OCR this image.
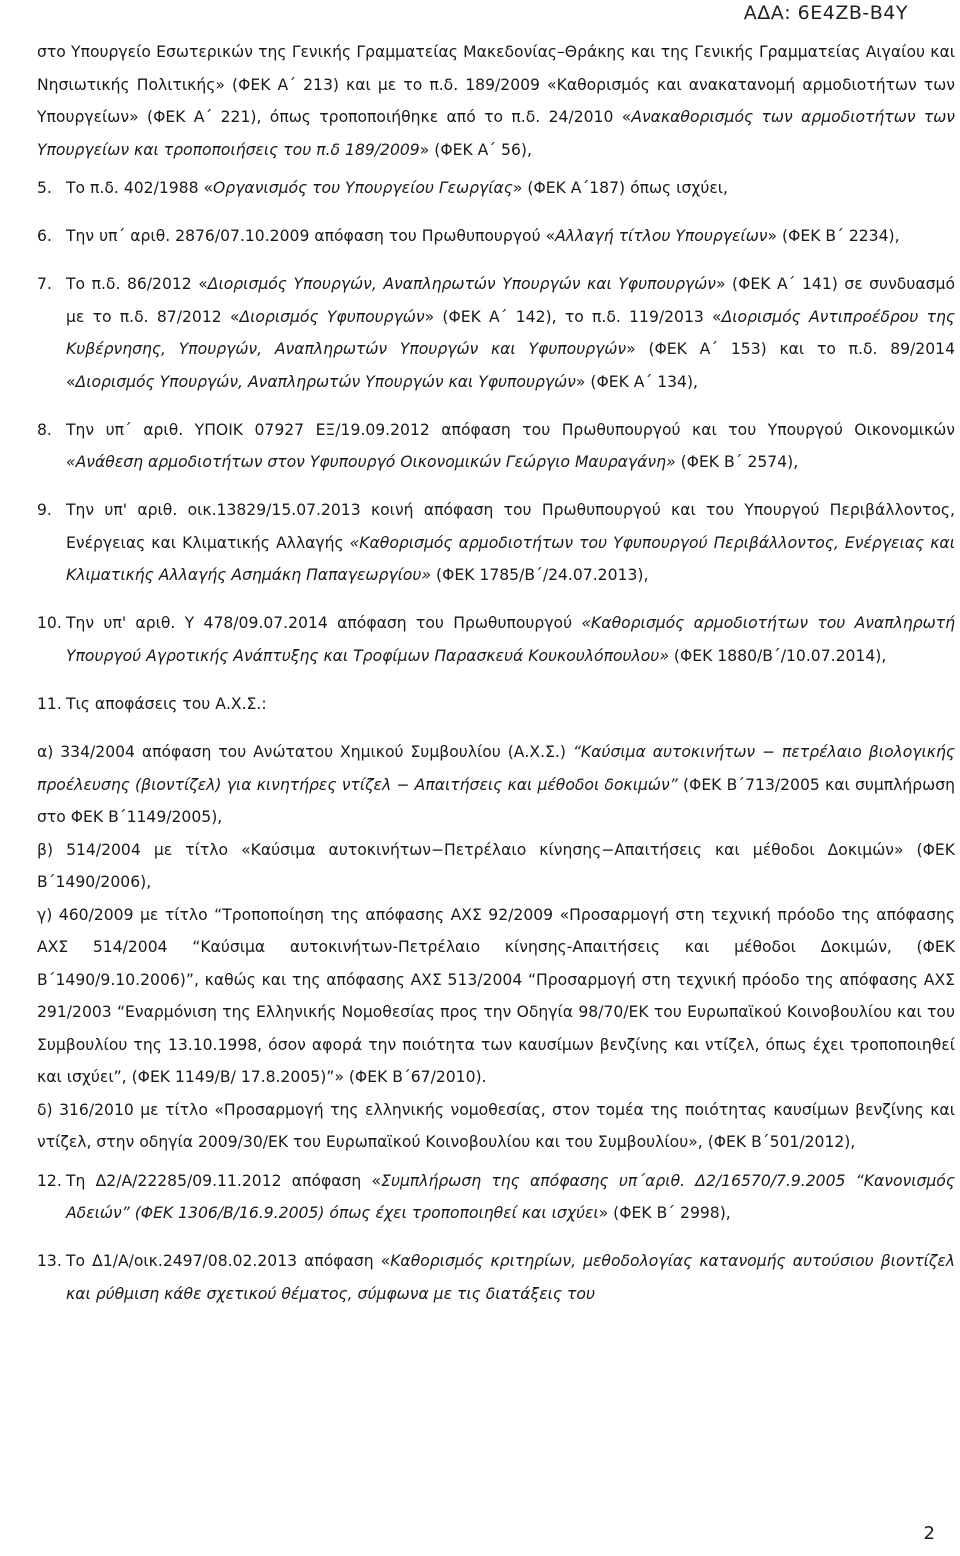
ΑΔΑ: 6Ε4ΖΒ-Β4Υ

στο Υπουργείο Εσωτερικών της Γενικής Γραμματείας Μακεδονίας–Θράκης και της Γενικής Γραμματείας Αιγαίου και Νησιωτικής Πολιτικής» (ΦΕΚ Α΄ 213) και με το π.δ. 189/2009 «Καθορισμός και ανακατανομή αρμοδιοτήτων των Υπουργείων» (ΦΕΚ Α΄ 221), όπως τροποποιήθηκε από το π.δ. 24/2010 «Ανακαθορισμός των αρμοδιοτήτων των Υπουργείων και τροποποιήσεις του π.δ 189/2009» (ΦΕΚ Α΄ 56),

5. Το π.δ. 402/1988 «Οργανισμός του Υπουργείου Γεωργίας» (ΦΕΚ Α΄187) όπως ισχύει,

6. Την υπ΄ αριθ. 2876/07.10.2009 απόφαση του Πρωθυπουργού «Αλλαγή τίτλου Υπουργείων» (ΦΕΚ Β΄ 2234),

7. Το π.δ. 86/2012 «Διορισμός Υπουργών, Αναπληρωτών Υπουργών και Υφυπουργών» (ΦΕΚ Α΄ 141) σε συνδυασμό με το π.δ. 87/2012 «Διορισμός Υφυπουργών» (ΦΕΚ Α΄ 142), το π.δ. 119/2013 «Διορισμός Αντιπροέδρου της Κυβέρνησης, Υπουργών, Αναπληρωτών Υπουργών και Υφυπουργών» (ΦΕΚ Α΄ 153) και το π.δ. 89/2014 «Διορισμός Υπουργών, Αναπληρωτών Υπουργών και Υφυπουργών» (ΦΕΚ Α΄ 134),

8. Την υπ΄ αριθ. ΥΠΟΙΚ 07927 ΕΞ/19.09.2012 απόφαση του Πρωθυπουργού και του Υπουργού Οικονομικών «Ανάθεση αρμοδιοτήτων στον Υφυπουργό Οικονομικών Γεώργιο Μαυραγάνη» (ΦΕΚ Β΄ 2574),

9. Την υπ' αριθ. οικ.13829/15.07.2013 κοινή απόφαση του Πρωθυπουργού και του Υπουργού Περιβάλλοντος, Ενέργειας και Κλιματικής Αλλαγής «Καθορισμός αρμοδιοτήτων του Υφυπουργού Περιβάλλοντος, Ενέργειας και Κλιματικής Αλλαγής Ασημάκη Παπαγεωργίου» (ΦΕΚ 1785/Β΄/24.07.2013),

10. Την υπ' αριθ. Υ 478/09.07.2014 απόφαση του Πρωθυπουργού «Καθορισμός αρμοδιοτήτων του Αναπληρωτή Υπουργού Αγροτικής Ανάπτυξης και Τροφίμων Παρασκευά Κουκουλόπουλου» (ΦΕΚ 1880/Β΄/10.07.2014),

11. Τις αποφάσεις του Α.Χ.Σ.:

α) 334/2004 απόφαση του Ανώτατου Χημικού Συμβουλίου (Α.Χ.Σ.) “Καύσιμα αυτοκινήτων − πετρέλαιο βιολογικής προέλευσης (βιοντίζελ) για κινητήρες ντίζελ − Απαιτήσεις και μέθοδοι δοκιμών” (ΦΕΚ Β΄713/2005 και συμπλήρωση στο ΦΕΚ Β΄1149/2005),

β) 514/2004 με τίτλο «Καύσιμα αυτοκινήτων−Πετρέλαιο κίνησης−Απαιτήσεις και μέθοδοι Δοκιμών» (ΦΕΚ Β΄1490/2006),

γ) 460/2009 με τίτλο “Τροποποίηση της απόφασης ΑΧΣ 92/2009 «Προσαρμογή στη τεχνική πρόοδο της απόφασης ΑΧΣ 514/2004 “Καύσιμα αυτοκινήτων-Πετρέλαιο κίνησης-Απαιτήσεις και μέθοδοι Δοκιμών, (ΦΕΚ Β΄1490/9.10.2006)”, καθώς και της απόφασης ΑΧΣ 513/2004 “Προσαρμογή στη τεχνική πρόοδο της απόφασης ΑΧΣ 291/2003 “Εναρμόνιση της Ελληνικής Νομοθεσίας προς την Οδηγία 98/70/ΕΚ του Ευρωπαϊκού Κοινοβουλίου και του Συμβουλίου της 13.10.1998, όσον αφορά την ποιότητα των καυσίμων βενζίνης και ντίζελ, όπως έχει τροποποιηθεί και ισχύει”, (ΦΕΚ 1149/Β/ 17.8.2005)”» (ΦΕΚ Β΄67/2010).

δ) 316/2010 με τίτλο «Προσαρμογή της ελληνικής νομοθεσίας, στον τομέα της ποιότητας καυσίμων βενζίνης και ντίζελ, στην οδηγία 2009/30/ΕΚ του Ευρωπαϊκού Κοινοβουλίου και του Συμβουλίου», (ΦΕΚ Β΄501/2012),

12. Τη Δ2/Α/22285/09.11.2012 απόφαση «Συμπλήρωση της απόφασης υπ΄αριθ. Δ2/16570/7.9.2005 “Κανονισμός Αδειών” (ΦΕΚ 1306/Β/16.9.2005) όπως έχει τροποποιηθεί και ισχύει» (ΦΕΚ Β΄ 2998),

13. Το Δ1/Α/οικ.2497/08.02.2013 απόφαση «Καθορισμός κριτηρίων, μεθοδολογίας κατανομής αυτούσιου βιοντίζελ και ρύθμιση κάθε σχετικού θέματος, σύμφωνα με τις διατάξεις του

2
